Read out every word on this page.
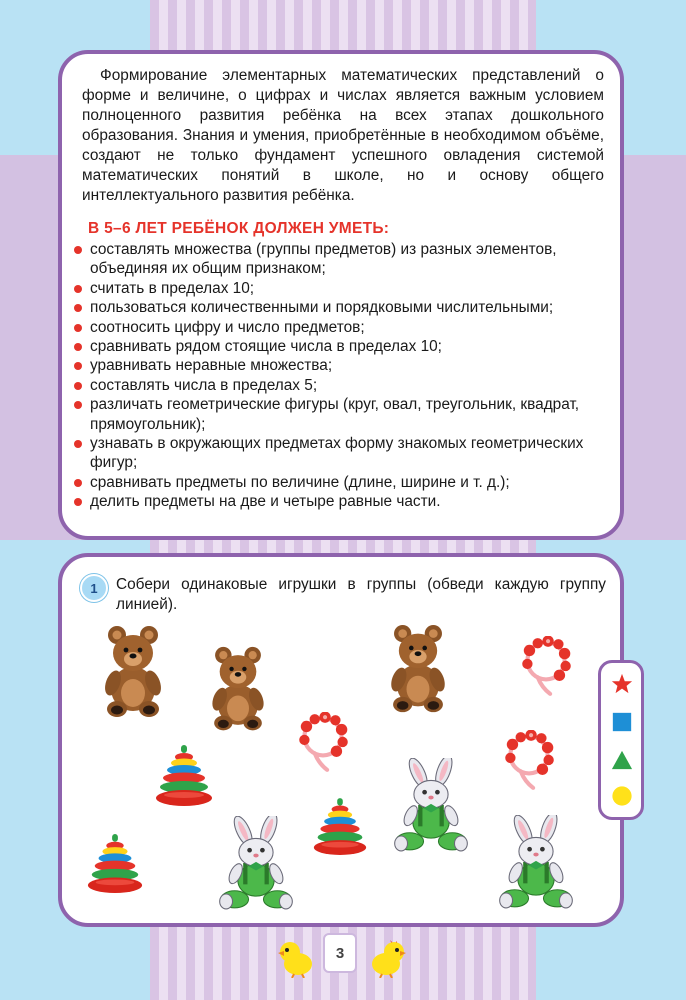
Формирование элементарных математических представлений о форме и величине, о цифрах и числах является важным условием полноценного развития ребёнка на всех этапах дошкольного образования. Знания и умения, приобретённые в необходимом объёме, создают не только фундамент успешного овладения системой математических понятий в школе, но и основу общего интеллектуального развития ребёнка.

В 5–6 ЛЕТ РЕБЁНОК ДОЛЖЕН УМЕТЬ:
составлять множества (группы предметов) из разных элементов, объединяя их общим признаком;
считать в пределах 10;
пользоваться количественными и порядковыми числительными;
соотносить цифру и число предметов;
сравнивать рядом стоящие числа в пределах 10;
уравнивать неравные множества;
составлять числа в пределах 5;
различать геометрические фигуры (круг, овал, треугольник, квадрат, прямоугольник);
узнавать в окружающих предметах форму знакомых геометрических фигур;
сравнивать предметы по величине (длине, ширине и т. д.);
делить предметы на две и четыре равные части.
1	Собери одинаковые игрушки в группы (обведи каждую группу линией).

3
